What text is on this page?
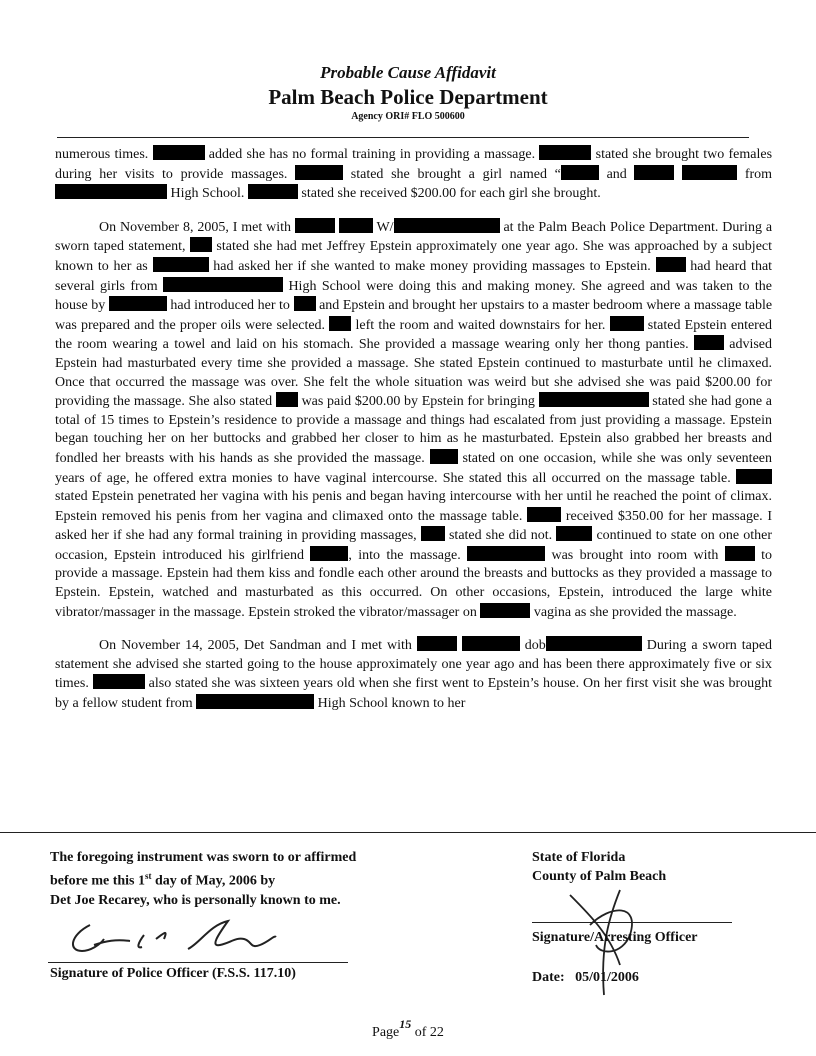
Probable Cause Affidavit
Palm Beach Police Department
Agency ORI# FLO 500600

numerous times.	added she has no formal training in providing a massage.	stated she brought two females during her visits to provide massages.	stated she brought a girl named “	and	from  High School.	stated she received $200.00 for each girl she brought.

On November 8, 2005, I met with	W/	at the Palm Beach Police Department. During a sworn taped statement, stated she had met Jeffrey Epstein approximately one year ago. She was approached by a subject known to her as	had asked her if she wanted to make money providing massages to Epstein.	had heard that several girls from	High School were doing this and making money. She agreed and was taken to the house by	had introduced her to and Epstein and brought her upstairs to a master bedroom where a massage table was prepared and the proper oils were selected. left the room and waited downstairs for her.	stated Epstein entered the room wearing a towel and laid on his stomach. She provided a massage wearing only her thong panties.	advised Epstein had masturbated every time she provided a massage. She stated Epstein continued to masturbate until he climaxed. Once that occurred the massage was over. She felt the whole situation was weird but she advised she was paid $200.00 for providing the massage. She also stated was paid $200.00 by Epstein for bringing	stated she had gone a total of 15 times to Epstein’s residence to provide a massage and things had escalated from just providing a massage. Epstein began touching her on her buttocks and grabbed her closer to him as he masturbated. Epstein also grabbed her breasts and fondled her breasts with his hands as she provided the massage.	stated on one occasion, while she was only seventeen years of age, he offered extra monies to have vaginal intercourse. She stated this all occurred on the massage table.  stated Epstein penetrated her vagina with his penis and began having intercourse with her until he reached the point of climax. Epstein removed his penis from her vagina and climaxed onto the massage table.	received $350.00 for her massage. I asked her if she had any formal training in providing massages, stated she did not.	continued to state on one other occasion, Epstein introduced his girlfriend	, into the massage.	was brought into room with	to provide a massage. Epstein had them kiss and fondle each other around the breasts and buttocks as they provided a massage to Epstein. Epstein, watched and masturbated as this occurred. On other occasions, Epstein, introduced the large white vibrator/massager in the massage. Epstein stroked the vibrator/massager on	vagina as she provided the massage.

On November 14, 2005, Det Sandman and I met with	dob	During a sworn taped statement she advised she started going to the house approximately one year ago and has been there approximately five or six times.	also stated she was sixteen years old when she first went to Epstein’s house. On her first visit she was brought by a fellow student from	High School known to her

The foregoing instrument was sworn to or affirmed
before me this 1st day of May, 2006 by
Det Joe Recarey, who is personally known to me.
Signature of Police Officer (F.S.S. 117.10)
State of Florida
County of Palm Beach
Signature/Arresting Officer
Date: 05/01/2006
Page15 of 22
